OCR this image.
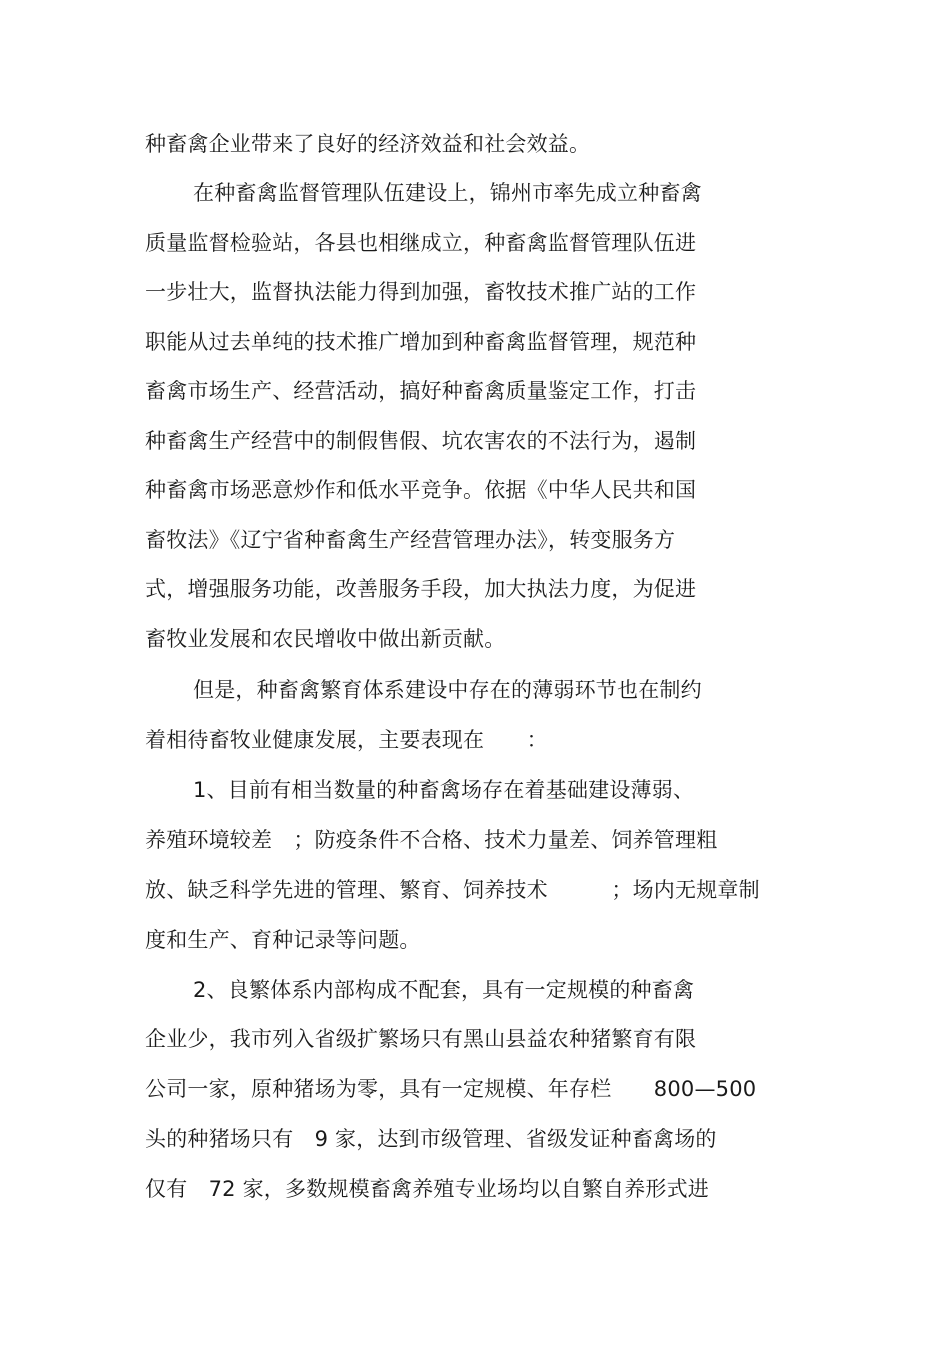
种畜禽企业带来了良好的经济效益和社会效益。

在种畜禽监督管理队伍建设上，锦州市率先成立种畜禽

质量监督检验站，各县也相继成立，种畜禽监督管理队伍进

一步壮大，监督执法能力得到加强，畜牧技术推广站的工作

职能从过去单纯的技术推广增加到种畜禽监督管理，规范种

畜禽市场生产、经营活动，搞好种畜禽质量鉴定工作，打击

种畜禽生产经营中的制假售假、坑农害农的不法行为，遏制

种畜禽市场恶意炒作和低水平竞争。依据《中华人民共和国

畜牧法》《辽宁省种畜禽生产经营管理办法》，转变服务方

式，增强服务功能，改善服务手段，加大执法力度，为促进

畜牧业发展和农民增收中做出新贡献。

但是，种畜禽繁育体系建设中存在的薄弱环节也在制约

着相待畜牧业健康发展，主要表现在　　：

1、目前有相当数量的种畜禽场存在着基础建设薄弱、

养殖环境较差　；防疫条件不合格、技术力量差、饲养管理粗

放、缺乏科学先进的管理、繁育、饲养技术　　　；场内无规章制

度和生产、育种记录等问题。

2、良繁体系内部构成不配套，具有一定规模的种畜禽

企业少，我市列入省级扩繁场只有黑山县益农种猪繁育有限

公司一家，原种猪场为零，具有一定规模、年存栏　　800—500

头的种猪场只有　9 家，达到市级管理、省级发证种畜禽场的

仅有　72 家，多数规模畜禽养殖专业场均以自繁自养形式进
